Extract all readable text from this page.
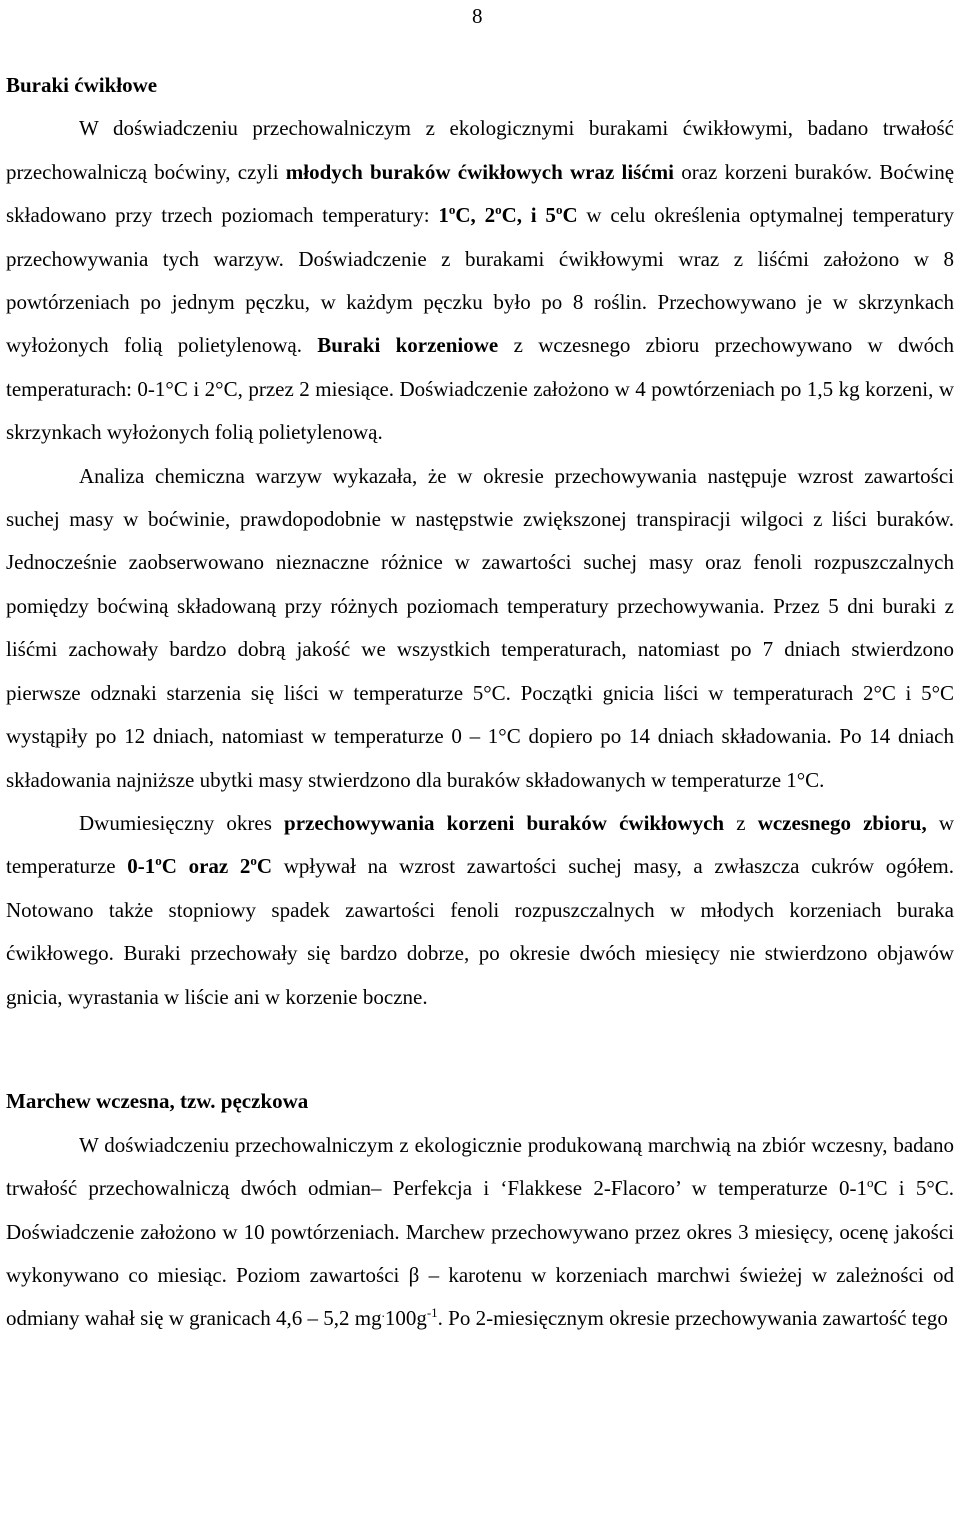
8
Buraki ćwikłowe

W doświadczeniu przechowalniczym z ekologicznymi burakami ćwikłowymi, badano trwałość przechowalniczą boćwiny, czyli młodych buraków ćwikłowych wraz liśćmi oraz korzeni buraków. Boćwinę składowano przy trzech poziomach temperatury: 1$^o$C, 2$^o$C, i 5$^o$C w celu określenia optymalnej temperatury przechowywania tych warzyw. Doświadczenie z burakami ćwikłowymi wraz z liśćmi założono w 8 powtórzeniach po jednym pęczku, w każdym pęczku było po 8 roślin. Przechowywano je w skrzynkach wyłożonych folią polietylenową. Buraki korzeniowe z wczesnego zbioru przechowywano w dwóch temperaturach: 0-1°C i 2°C, przez 2 miesiące. Doświadczenie założono w 4 powtórzeniach po 1,5 kg korzeni, w skrzynkach wyłożonych folią polietylenową.

Analiza chemiczna warzyw wykazała, że w okresie przechowywania następuje wzrost zawartości suchej masy w boćwinie, prawdopodobnie w następstwie zwiększonej transpiracji wilgoci z liści buraków. Jednocześnie zaobserwowano nieznaczne różnice w zawartości suchej masy oraz fenoli rozpuszczalnych pomiędzy boćwiną składowaną przy różnych poziomach temperatury przechowywania. Przez 5 dni buraki z liśćmi zachowały bardzo dobrą jakość we wszystkich temperaturach, natomiast po 7 dniach stwierdzono pierwsze odznaki starzenia się liści w temperaturze 5°C. Początki gnicia liści w temperaturach 2°C i 5°C wystąpiły po 12 dniach, natomiast w temperaturze 0 – 1°C dopiero po 14 dniach składowania. Po 14 dniach składowania najniższe ubytki masy stwierdzono dla buraków składowanych w temperaturze 1°C.

Dwumiesięczny okres przechowywania korzeni buraków ćwikłowych z wczesnego zbioru, w temperaturze 0-1$^o$C oraz 2$^o$C wpływał na wzrost zawartości suchej masy, a zwłaszcza cukrów ogółem. Notowano także stopniowy spadek zawartości fenoli rozpuszczalnych w młodych korzeniach buraka ćwikłowego. Buraki przechowały się bardzo dobrze, po okresie dwóch miesięcy nie stwierdzono objawów gnicia, wyrastania w liście ani w korzenie boczne.

Marchew wczesna, tzw. pęczkowa

W doświadczeniu przechowalniczym z ekologicznie produkowaną marchwią na zbiór wczesny, badano trwałość przechowalniczą dwóch odmian– Perfekcja i ‘Flakkese 2-Flacoro’ w temperaturze 0-1$^o$C i 5°C. Doświadczenie założono w 10 powtórzeniach. Marchew przechowywano przez okres 3 miesięcy, ocenę jakości wykonywano co miesiąc. Poziom zawartości β – karotenu w korzeniach marchwi świeżej w zależności od odmiany wahał się w granicach 4,6 – 5,2 $mg^.100g^{-1}$. Po 2-miesięcznym okresie przechowywania zawartość tego
